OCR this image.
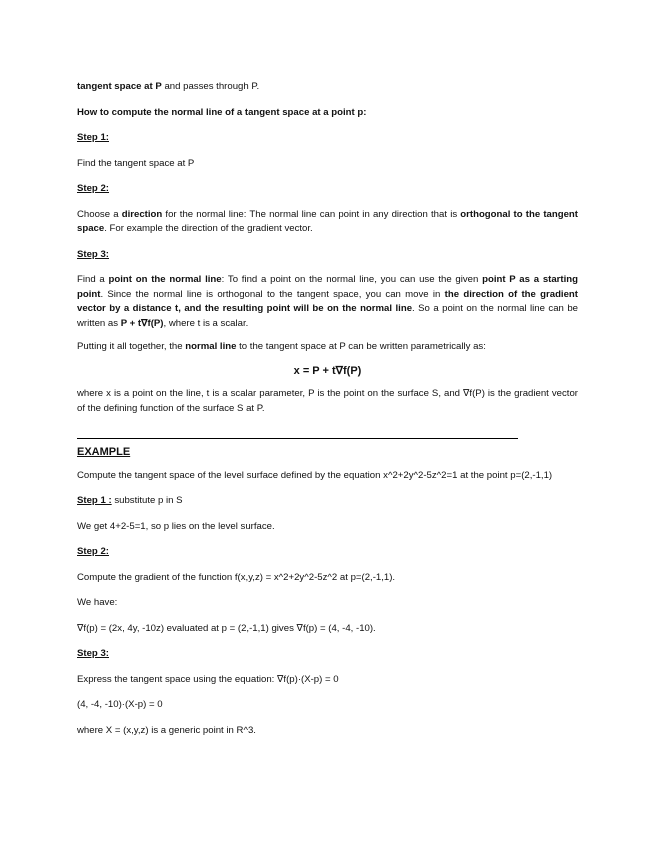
tangent space at P and passes through P.

How to compute the normal line of a tangent space at a point p:

Step 1:

Find the tangent space at P

Step 2:

Choose a direction for the normal line: The normal line can point in any direction that is orthogonal to the tangent space. For example the direction of the gradient vector.

Step 3:

Find a point on the normal line: To find a point on the normal line, you can use the given point P as a starting point. Since the normal line is orthogonal to the tangent space, you can move in the direction of the gradient vector by a distance t, and the resulting point will be on the normal line. So a point on the normal line can be written as P + t∇f(P), where t is a scalar.

Putting it all together, the normal line to the tangent space at P can be written parametrically as:

x = P + t∇f(P)

where x is a point on the line, t is a scalar parameter, P is the point on the surface S, and ∇f(P) is the gradient vector of the defining function of the surface S at P.

EXAMPLE

Compute the tangent space of the level surface defined by the equation x^2+2y^2-5z^2=1 at the point p=(2,-1,1)

Step 1 : substitute p in S

We get 4+2-5=1, so p lies on the level surface.

Step 2:

Compute the gradient of the function f(x,y,z) = x^2+2y^2-5z^2 at p=(2,-1,1).

We have:

∇f(p) = (2x, 4y, -10z) evaluated at p = (2,-1,1) gives ∇f(p) = (4, -4, -10).

Step 3:

Express the tangent space using the equation: ∇f(p)·(X-p) = 0

(4, -4, -10)·(X-p) = 0

where X = (x,y,z) is a generic point in R^3.
